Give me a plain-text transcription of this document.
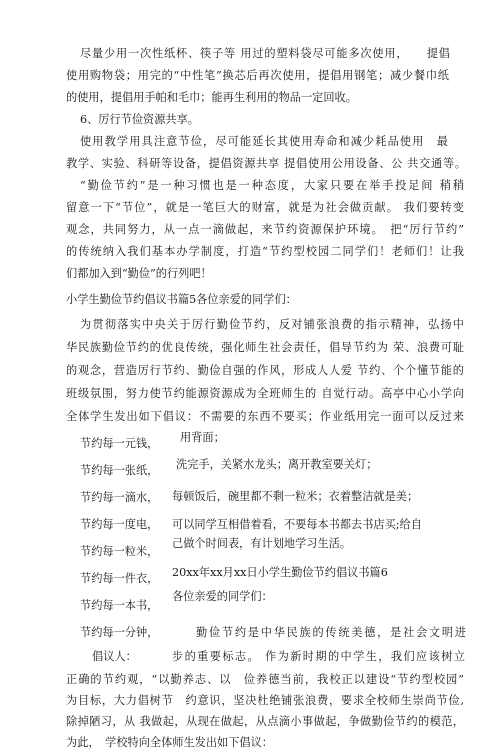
尽量少用一次性纸杯、筷子等 用过的塑料袋尽可能多次使用，　　提倡
使用购物袋；用完的“中性笔”换芯后再次使用，提倡用钢笔；减少餐巾纸
的使用，提倡用手帕和毛巾；能再生利用的物品一定回收。
6、厉行节俭资源共享。
使用教学用具注意节俭，尽可能延长其使用寿命和减少耗品使用　最
教学、实验、科研等设备，提倡资源共享 提倡使用公用设备、公 共交通等。
“勤俭节约”是一种习惯也是一种态度，大家只要在举手投足间 稍稍
留意一下“节位”，就是一笔巨大的财富，就是为社会做贡献。 我们要转变
观念，共同努力，从一点一滴做起，来节约资源保护环境。　把“厉行节约”
的传统纳入我们基本办学制度，打造“节约型校园二同学们！老师们！让我
们都加入到“勤俭”的行列吧！
小学生勤俭节约倡议书篇5各位亲爱的同学们：
为贯彻落实中央关于厉行勤俭节约，反对铺张浪费的指示精神，弘扬中
华民族勤俭节约的优良传统，强化师生社会责任，倡导节约为 荣、浪费可耻
的观念，营造厉行节约、勤俭自强的作风，形成人人爱 节约、个个懂节能的
班级氛围，努力使节约能源资源成为全班师生的 自觉行动。高亭中心小学向
全体学生发出如下倡议：不需要的东西不要买；作业纸用完一面可以反过来
节约每一元钱，
节约每一张纸，
节约每一滴水，
节约每一度电，
节约每一粒米，
节约每一件衣，
节约每一本书，
节约每一分钟，
倡议人：
用背面；
洗完手，关紧水龙头；离开教室要关灯；
每顿饭后，碗里都不剩一粒米；衣着整洁就是美；
可以同学互相借着看，不要每本书都去书店买;给自
己做个时间表，有计划地学习生活。
20xx年xx月xx日小学生勤俭节约倡议书篇6
各位亲爱的同学们：
勤俭节约是中华民族的传统美德，是社会文明进
步的重要标志。 作为新时期的中学生，我们应该树立
正确的节约观，“以勤养志、以　俭养德当前，我校正以建设“节约型校园”
为目标，大力倡树节　约意识，坚决杜绝铺张浪费，要求全校师生崇尚节俭,
除掉陋习，从 我做起，从现在做起，从点滴小事做起，争做勤俭节约的模范，
为此，　学校特向全体师生发出如下倡议：
